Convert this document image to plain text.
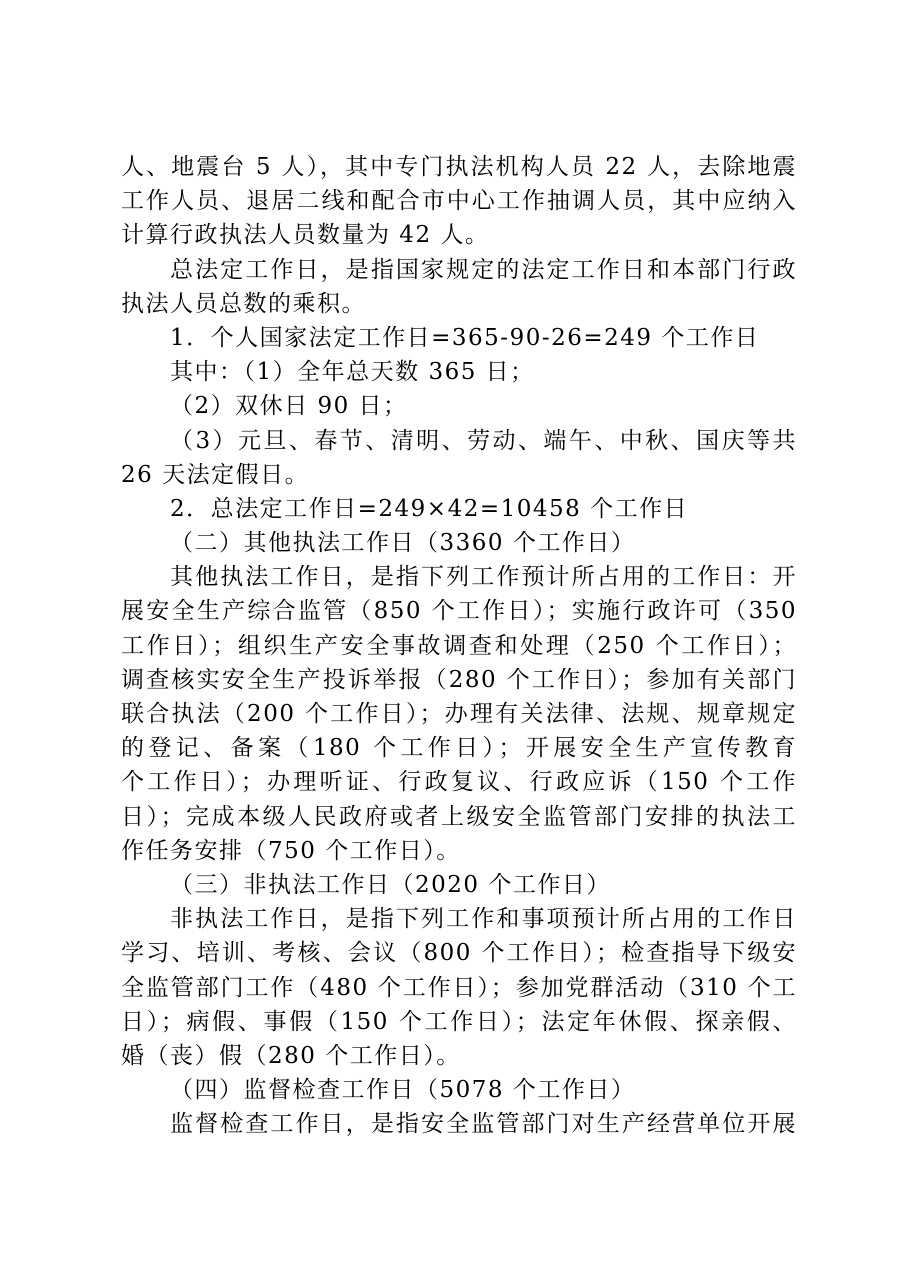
人、地震台 5 人），其中专门执法机构人员 22 人，去除地震
工作人员、退居二线和配合市中心工作抽调人员，其中应纳入
计算行政执法人员数量为 42 人。
总法定工作日，是指国家规定的法定工作日和本部门行政
执法人员总数的乘积。
1．个人国家法定工作日=365-90-26=249 个工作日
其中：（1）全年总天数 365 日；
（2）双休日 90 日；
（3）元旦、春节、清明、劳动、端午、中秋、国庆等共
26 天法定假日。
2．总法定工作日=249×42=10458 个工作日
（二）其他执法工作日（3360 个工作日）
其他执法工作日，是指下列工作预计所占用的工作日：开
展安全生产综合监管（850 个工作日）；实施行政许可（350
工作日）；组织生产安全事故调查和处理（250 个工作日）；
调查核实安全生产投诉举报（280 个工作日）；参加有关部门
联合执法（200 个工作日）；办理有关法律、法规、规章规定
的登记、备案（180 个工作日）；开展安全生产宣传教育
个工作日）；办理听证、行政复议、行政应诉（150 个工作
日）；完成本级人民政府或者上级安全监管部门安排的执法工
作任务安排（750 个工作日）。
（三）非执法工作日（2020 个工作日）
非执法工作日，是指下列工作和事项预计所占用的工作日
学习、培训、考核、会议（800 个工作日）；检查指导下级安
全监管部门工作（480 个工作日）；参加党群活动（310 个工
日）；病假、事假（150 个工作日）；法定年休假、探亲假、
婚（丧）假（280 个工作日）。
（四）监督检查工作日（5078 个工作日）
监督检查工作日，是指安全监管部门对生产经营单位开展
